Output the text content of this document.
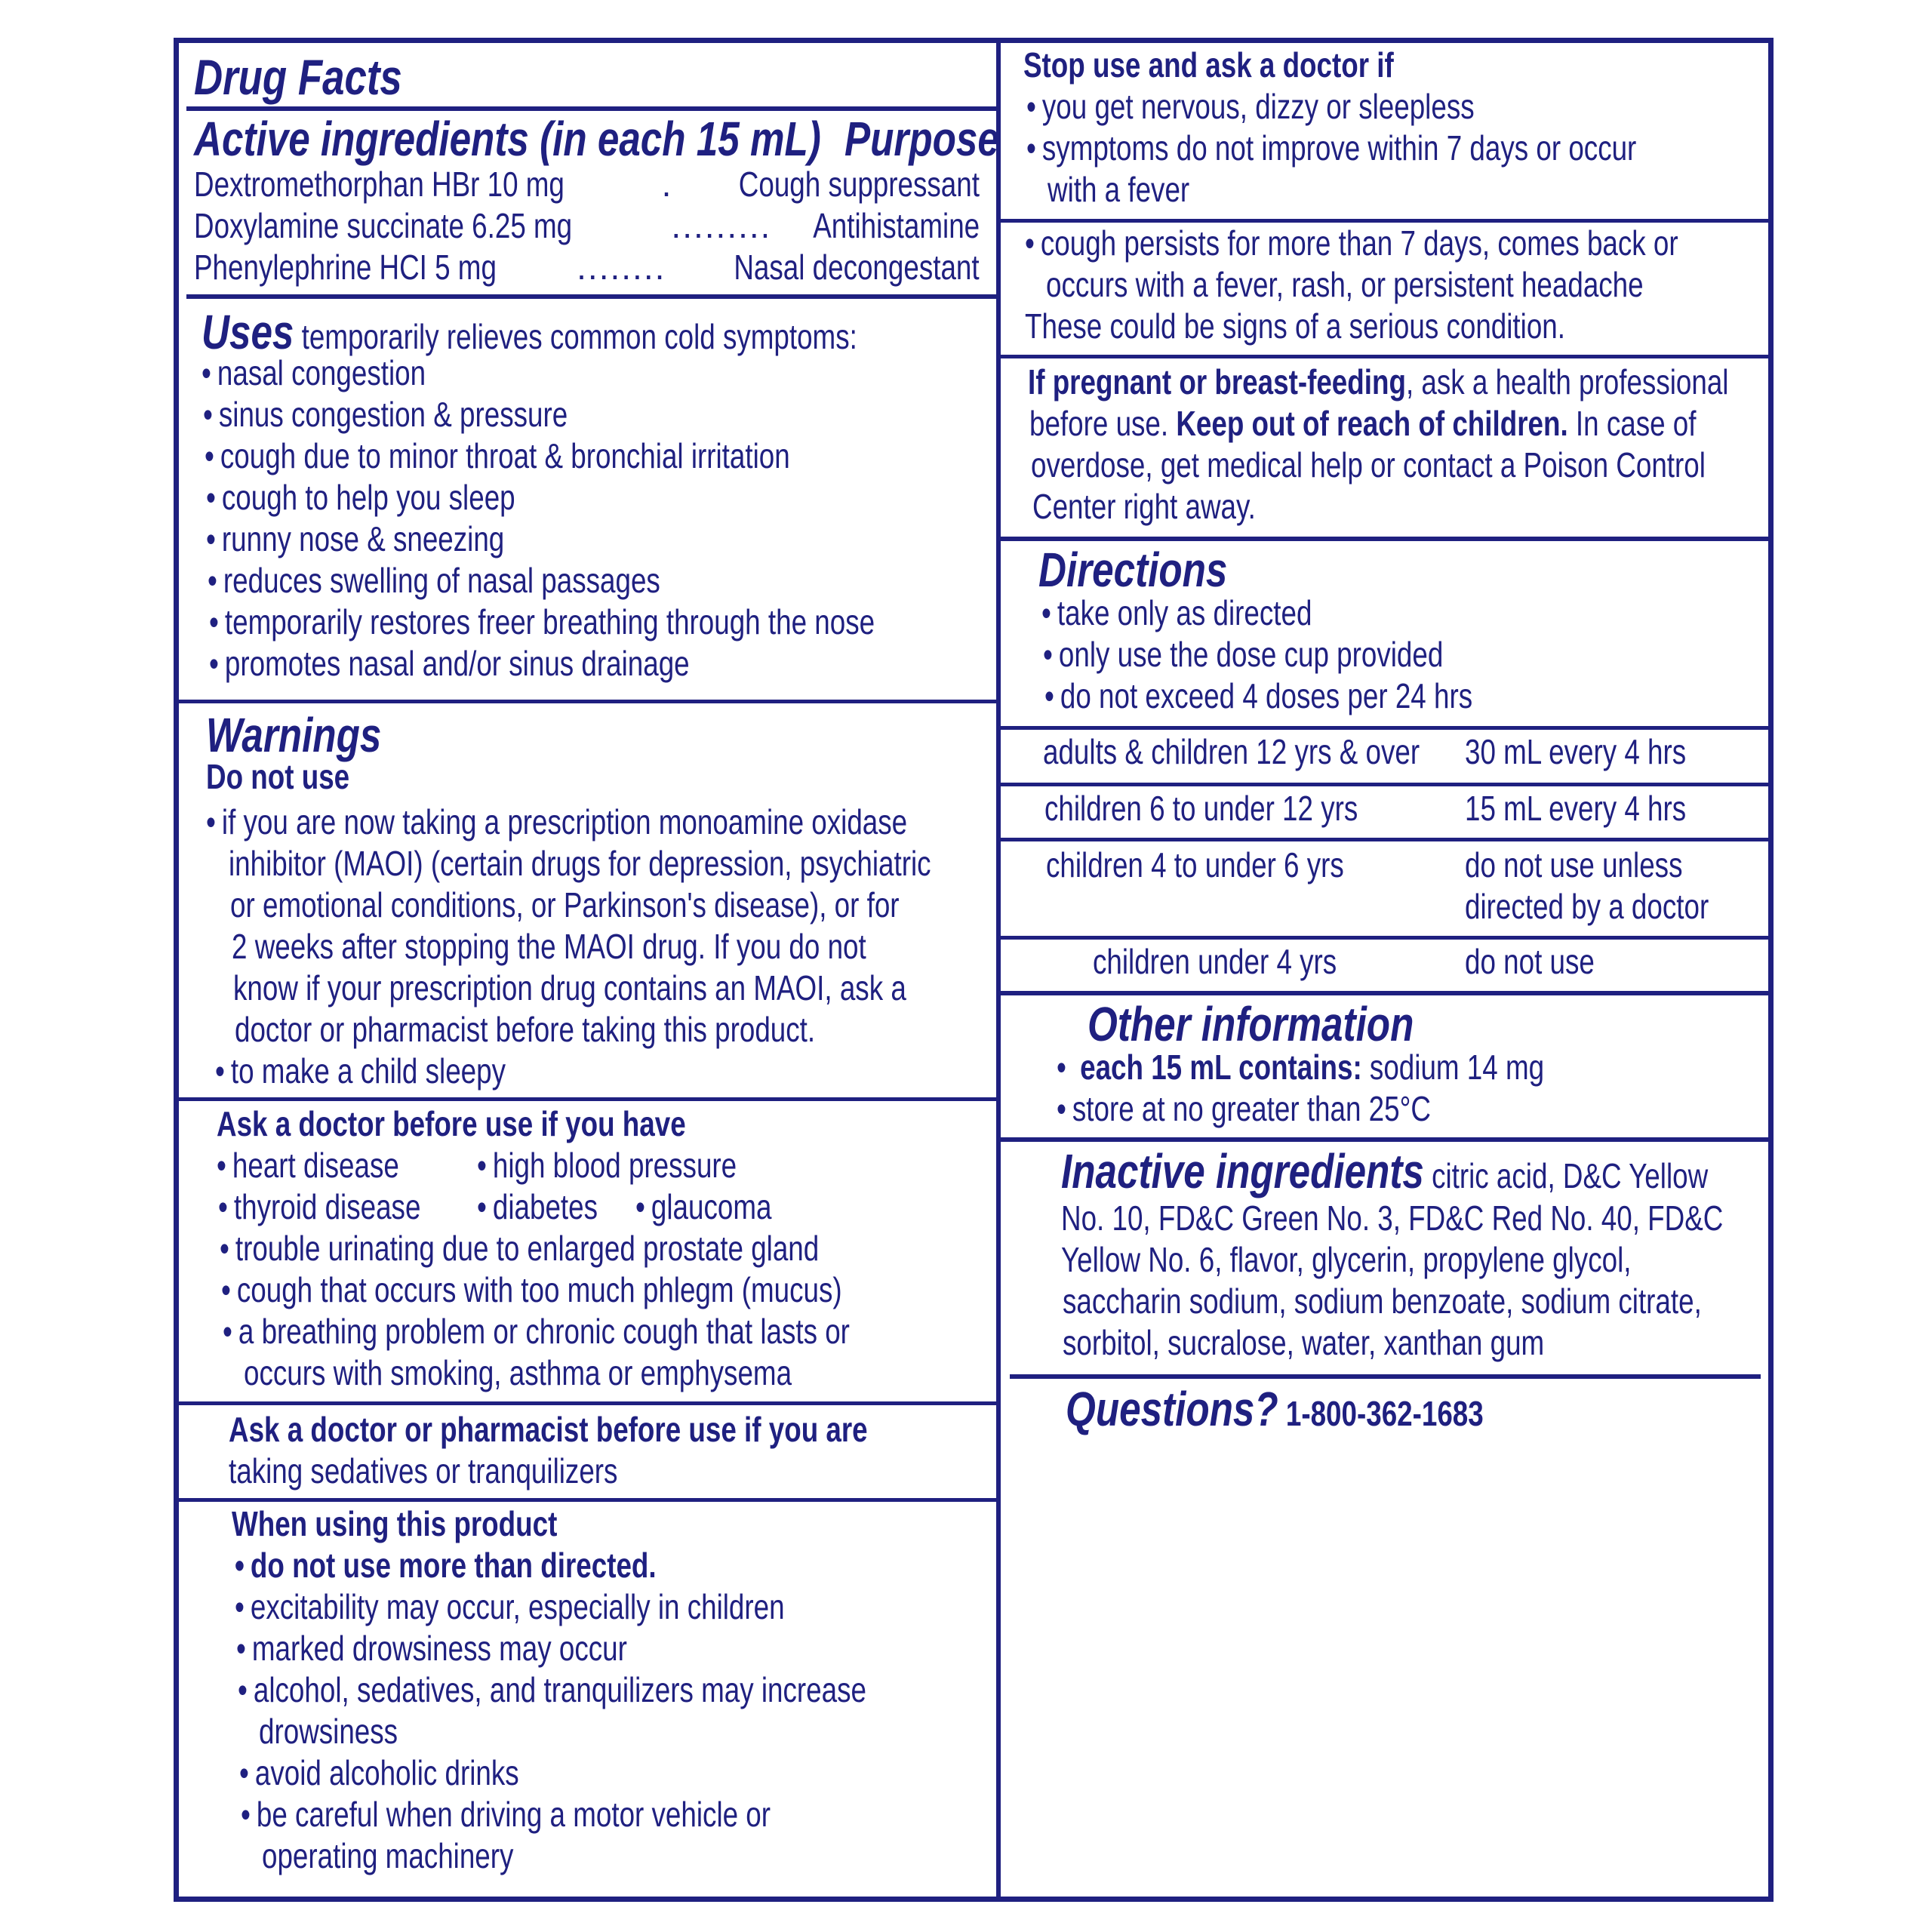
Drug Facts
Active ingredients (in each 15 mL) Purpose
Dextromethorphan HBr 10 mg .....	Cough suppressant
Doxylamine succinate 6.25 mg .....	Antihistamine
Phenylephrine HCI 5 mg .....	Nasal decongestant
Uses temporarily relieves common cold symptoms:
• nasal congestion
• sinus congestion & pressure
• cough due to minor throat & bronchial irritation
• cough to help you sleep
• runny nose & sneezing
• reduces swelling of nasal passages
• temporarily restores freer breathing through the nose
• promotes nasal and/or sinus drainage
Warnings
Do not use
• if you are now taking a prescription monoamine oxidase
inhibitor (MAOI) (certain drugs for depression, psychiatric
or emotional conditions, or Parkinson's disease), or for
2 weeks after stopping the MAOI drug. If you do not
know if your prescription drug contains an MAOI, ask a
doctor or pharmacist before taking this product.
• to make a child sleepy
Ask a doctor before use if you have
• heart disease	• high blood pressure
• thyroid disease	• diabetes	• glaucoma
• trouble urinating due to enlarged prostate gland
• cough that occurs with too much phlegm (mucus)
• a breathing problem or chronic cough that lasts or
occurs with smoking, asthma or emphysema
Ask a doctor or pharmacist before use if you are
taking sedatives or tranquilizers
When using this product
• do not use more than directed.
• excitability may occur, especially in children
• marked drowsiness may occur
• alcohol, sedatives, and tranquilizers may increase
drowsiness
• avoid alcoholic drinks
• be careful when driving a motor vehicle or
operating machinery
Stop use and ask a doctor if
• you get nervous, dizzy or sleepless
• symptoms do not improve within 7 days or occur
with a fever
• cough persists for more than 7 days, comes back or
occurs with a fever, rash, or persistent headache
These could be signs of a serious condition.
If pregnant or breast-feeding, ask a health professional
before use. Keep out of reach of children. In case of
overdose, get medical help or contact a Poison Control
Center right away.
Directions
• take only as directed
• only use the dose cup provided
• do not exceed 4 doses per 24 hrs
adults & children 12 yrs & over 30 mL every 4 hrs
children 6 to under 12 yrs	15 mL every 4 hrs
children 4 to under 6 yrs	do not use unless
directed by a doctor
children under 4 yrs	do not use
Other information
• each 15 mL contains: sodium 14 mg
• store at no greater than 25°C
Inactive ingredients citric acid, D&C Yellow
No. 10, FD&C Green No. 3, FD&C Red No. 40, FD&C
Yellow No. 6, flavor, glycerin, propylene glycol,
saccharin sodium, sodium benzoate, sodium citrate,
sorbitol, sucralose, water, xanthan gum
Questions? 1-800-362-1683
